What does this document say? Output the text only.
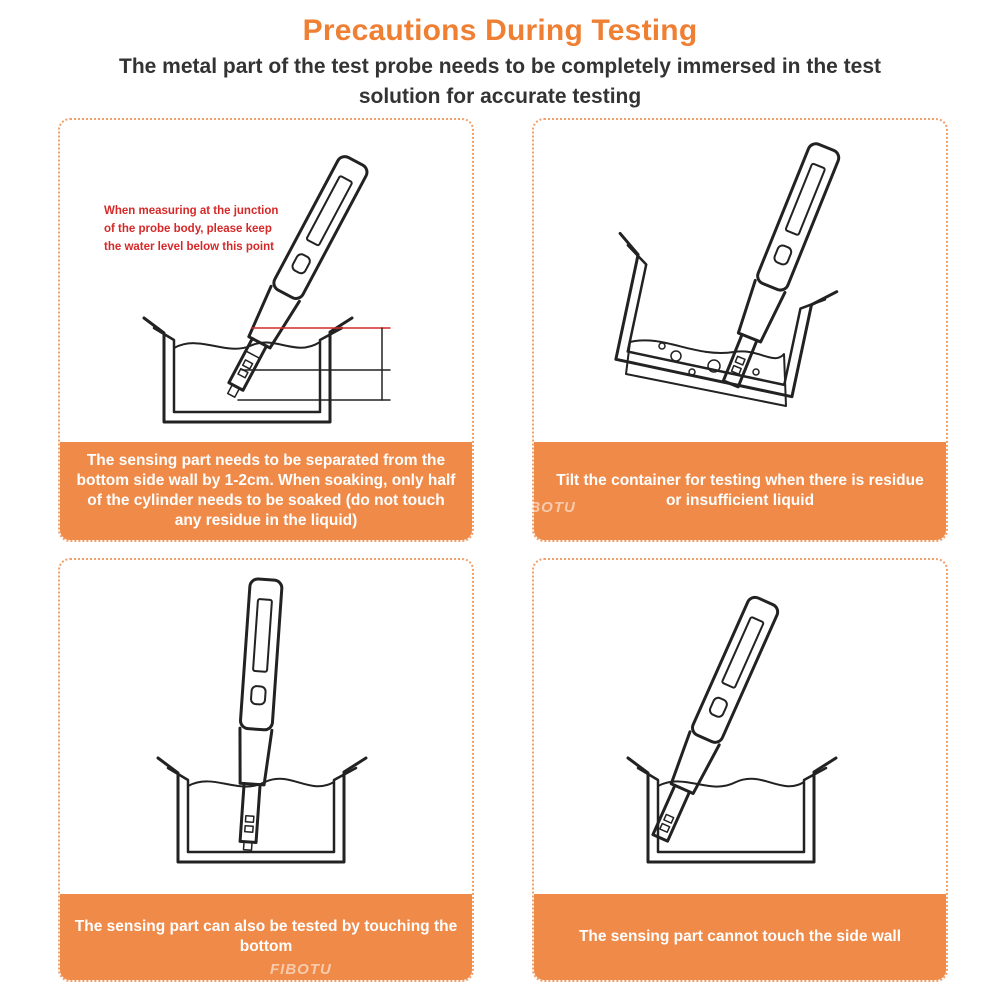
Precautions During Testing
The metal part of the test probe needs to be completely immersed in the test solution for accurate testing
When measuring at the junction of the probe body, please keep the water level below this point
The sensing part needs to be separated from the bottom side wall by 1-2cm. When soaking, only half of the cylinder needs to be soaked (do not touch any residue in the liquid)
Tilt the container for testing when there is residue or insufficient liquid
FIBOTU
The sensing part can also be tested by touching the bottom
FIBOTU
The sensing part cannot touch the side wall
